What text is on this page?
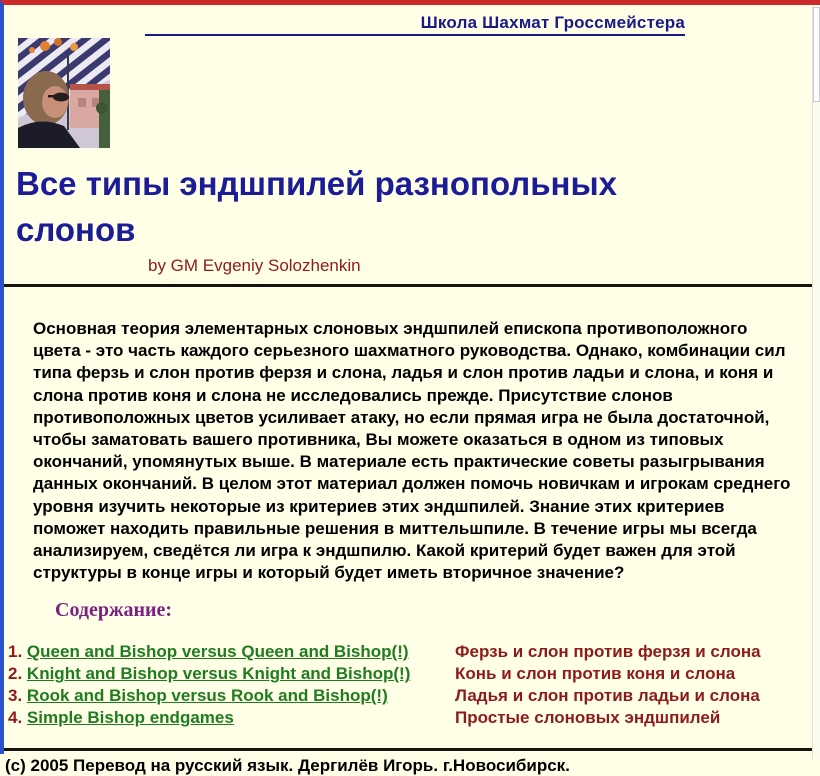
Школа Шахмат Гроссмейстера
Все типы эндшпилей разнопольных слонов
by GM Evgeniy Solozhenkin

Основная теория элементарных слоновых эндшпилей епископа противоположного цвета - это часть каждого серьезного шахматного руководства. Однако, комбинации сил типа ферзь и слон против ферзя и слона, ладья и слон против ладьи и слона, и коня и слона против коня и слона не исследовались прежде. Присутствие слонов противоположных цветов усиливает атаку, но если прямая игра не была достаточной, чтобы заматовать вашего противника, Вы можете оказаться в одном из типовых окончаний, упомянутых выше. В материале есть практические советы разыгрывания данных окончаний. В целом этот материал должен помочь новичкам и игрокам среднего уровня изучить некоторые из критериев этих эндшпилей. Знание этих критериев поможет находить правильные решения в миттельшпиле. В течение игры мы всегда анализируем, сведётся ли игра к эндшпилю. Какой критерий будет важен для этой структуры в конце игры и который будет иметь вторичное значение?

Содержание:
1. Queen and Bishop versus Queen and Bishop(!)	Ферзь и слон против ферзя и слона
2. Knight and Bishop versus Knight and Bishop(!)	Конь и слон против коня и слона
3. Rook and Bishop versus Rook and Bishop(!)	Ладья и слон против ладьи и слона
4. Simple Bishop endgames	Простые слоновых эндшпилей
(c) 2005 Перевод на русский язык. Дергилёв Игорь. г.Новосибирск.
